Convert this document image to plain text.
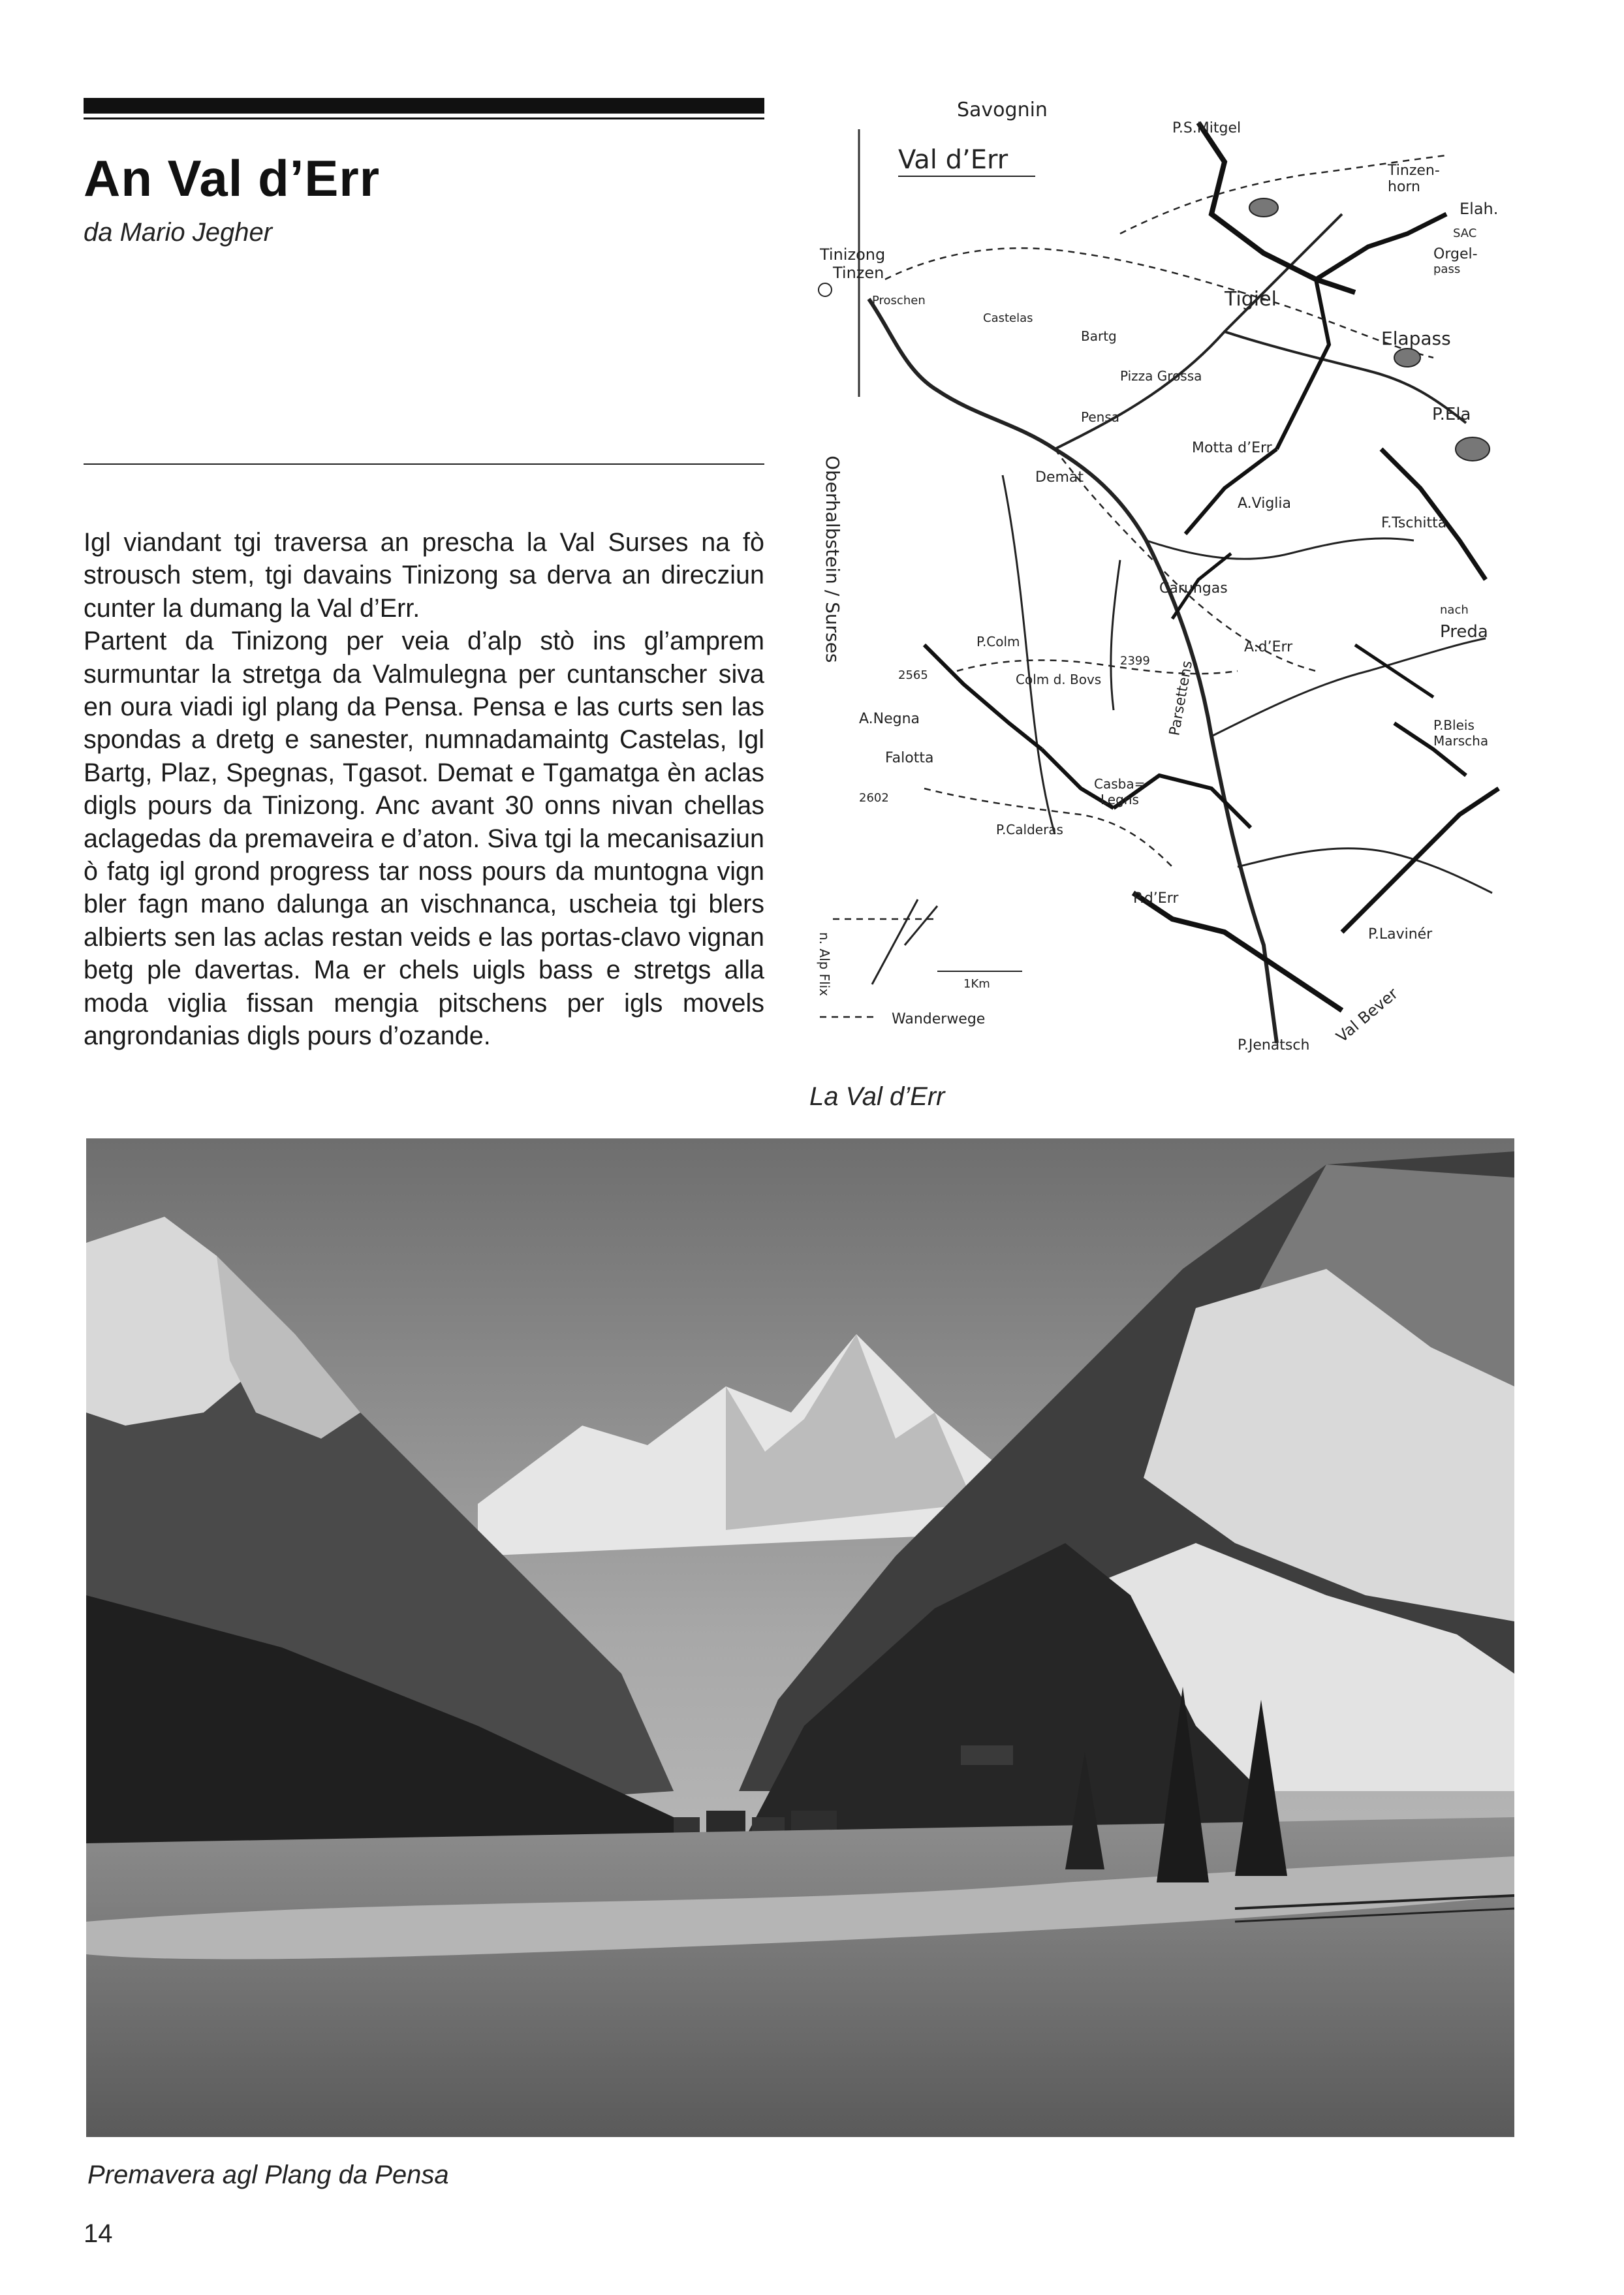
An Val d’Err
da Mario Jegher

Igl viandant tgi traversa an prescha la Val Surses na fò strousch stem, tgi davains Tinizong sa derva an direcziun cunter la dumang la Val d’Err.

Partent da Tinizong per veia d’alp stò ins gl’amprem surmuntar la stretga da Valmulegna per cuntanscher siva en oura viadi igl plang da Pensa. Pensa e las curts sen las spondas a dretg e sanester, numnadamaintg Castelas, Igl Bartg, Plaz, Spegnas, Tgasot. Demat e Tgamatga èn aclas digls pours da Tinizong. Anc avant 30 onns nivan chellas aclagedas da premaveira e d’aton. Siva tgi la mecanisaziun ò fatg igl grond progress tar noss pours da muntogna vign bler fagn mano dalunga an vischnanca, uscheia tgi blers albierts sen las aclas restan veids e las portas-clavo vignan betg ple davertas. Ma er chels uigls bass e stretgs alla moda viglia fissan mengia pitschens per igls movels angrondanias digls pours d’ozande.

Savognin
Val d’Err
P.S.Mitgel
Tinzen-
horn
Elah.
SAC
Orgel-
pass
Tinizong
Tinzen
Proschen
Castelas
Tigiel
Elapass
Bartg
Pizza Grossa
Pensa	P.Ela
Motta d’Err
Demat
A.Viglia
F.Tschitta
Oberhalbstein / Surses	Carungas
nach
Preda
P.Colm
Colm d. Bovs
A.d’Err
2565
2399
A.Negna
Falotta
Parsettens	P.Bleis
Marscha
Casba=
Legns
2602
P.Calderas
n. Alp Flix
P.d’Err
P.Lavinér
1Km
Wanderwege
P.Jenatsch Val Bever
La Val d’Err
Premavera agl Plang da Pensa
14
